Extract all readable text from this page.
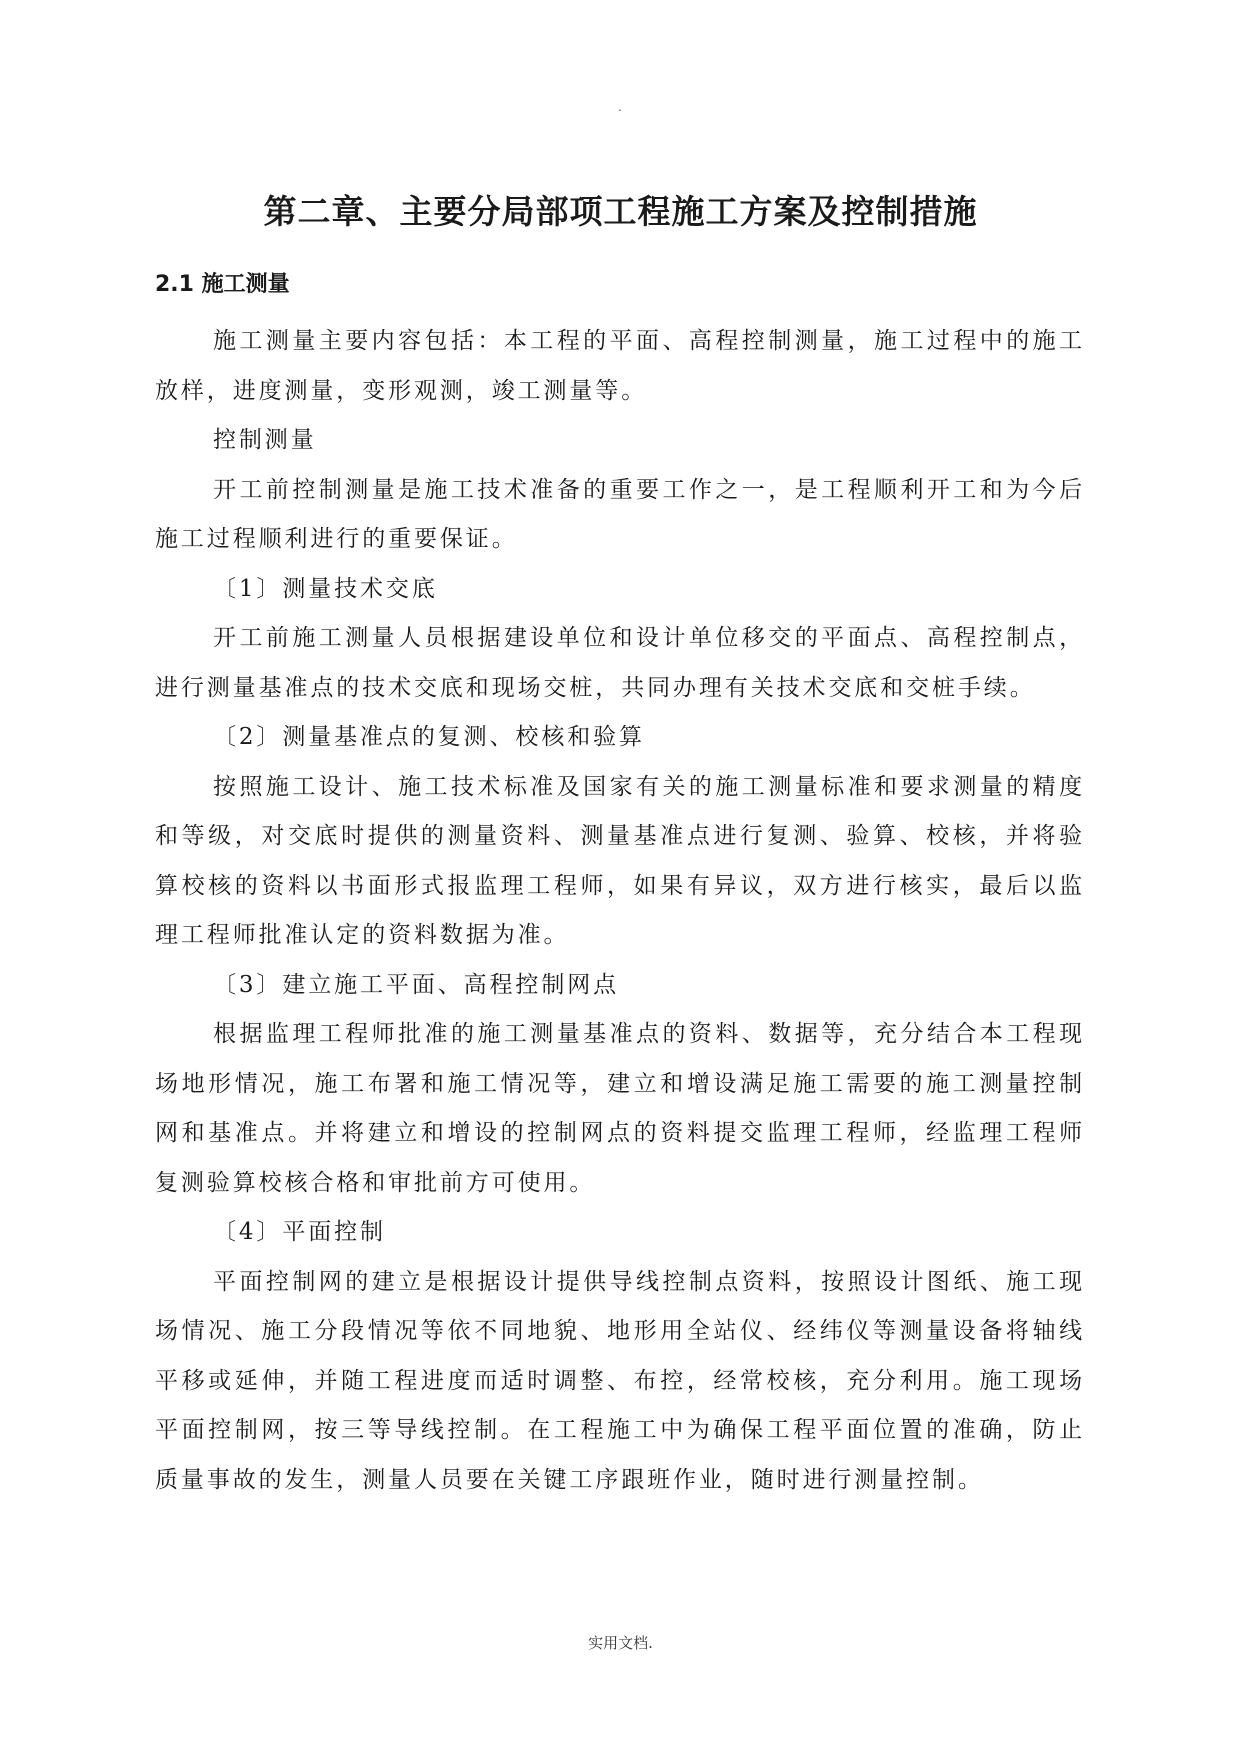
.
第二章、主要分局部项工程施工方案及控制措施
2.1 施工测量

施工测量主要内容包括：本工程的平面、高程控制测量，施工过程中的施工放样，进度测量，变形观测，竣工测量等。

控制测量

开工前控制测量是施工技术准备的重要工作之一，是工程顺利开工和为今后施工过程顺利进行的重要保证。

〔1〕测量技术交底

开工前施工测量人员根据建设单位和设计单位移交的平面点、高程控制点，进行测量基准点的技术交底和现场交桩，共同办理有关技术交底和交桩手续。

〔2〕测量基准点的复测、校核和验算

按照施工设计、施工技术标准及国家有关的施工测量标准和要求测量的精度和等级，对交底时提供的测量资料、测量基准点进行复测、验算、校核，并将验算校核的资料以书面形式报监理工程师，如果有异议，双方进行核实，最后以监理工程师批准认定的资料数据为准。

〔3〕建立施工平面、高程控制网点

根据监理工程师批准的施工测量基准点的资料、数据等，充分结合本工程现场地形情况，施工布署和施工情况等，建立和增设满足施工需要的施工测量控制网和基准点。并将建立和增设的控制网点的资料提交监理工程师，经监理工程师复测验算校核合格和审批前方可使用。

〔4〕平面控制

平面控制网的建立是根据设计提供导线控制点资料，按照设计图纸、施工现场情况、施工分段情况等依不同地貌、地形用全站仪、经纬仪等测量设备将轴线平移或延伸，并随工程进度而适时调整、布控，经常校核，充分利用。施工现场平面控制网，按三等导线控制。在工程施工中为确保工程平面位置的准确，防止质量事故的发生，测量人员要在关键工序跟班作业，随时进行测量控制。

实用文档.
